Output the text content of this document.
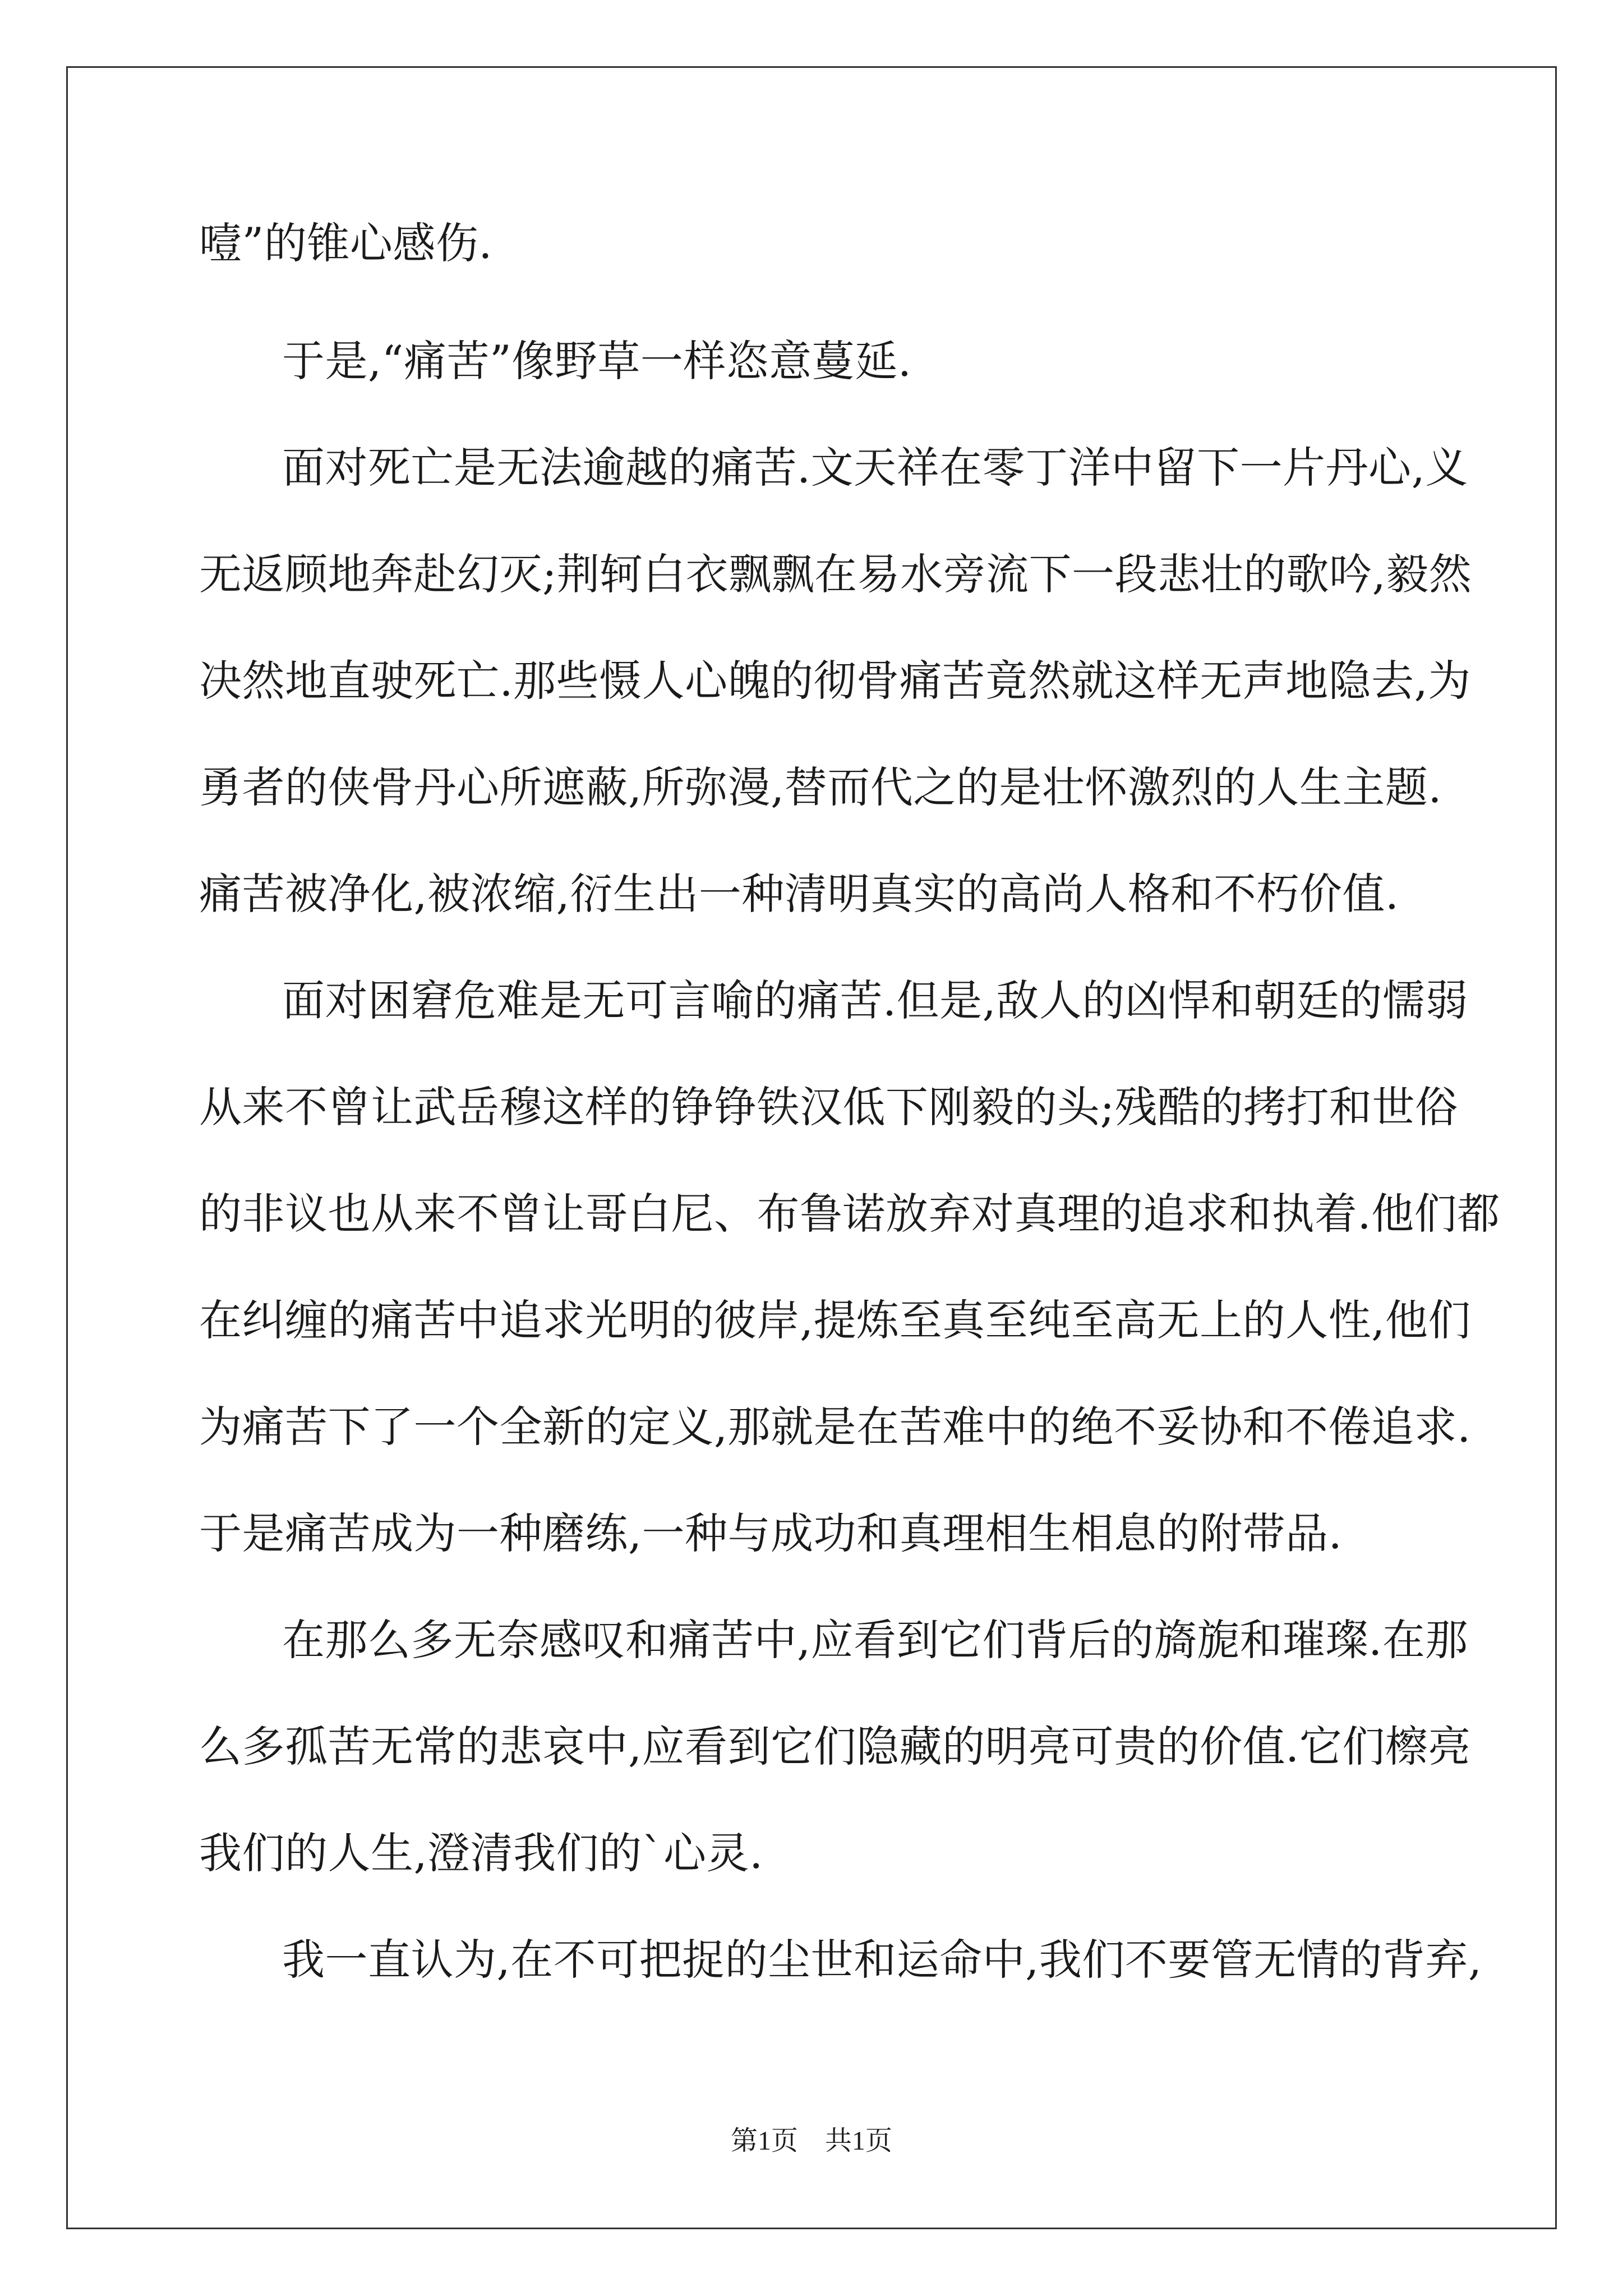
噎”的锥心感伤.
于是,“痛苦”像野草一样恣意蔓延.
面对死亡是无法逾越的痛苦.文天祥在零丁洋中留下一片丹心,义
无返顾地奔赴幻灭;荆轲白衣飘飘在易水旁流下一段悲壮的歌吟,毅然
决然地直驶死亡.那些慑人心魄的彻骨痛苦竟然就这样无声地隐去,为
勇者的侠骨丹心所遮蔽,所弥漫,替而代之的是壮怀激烈的人生主题.
痛苦被净化,被浓缩,衍生出一种清明真实的高尚人格和不朽价值.
面对困窘危难是无可言喻的痛苦.但是,敌人的凶悍和朝廷的懦弱
从来不曾让武岳穆这样的铮铮铁汉低下刚毅的头;残酷的拷打和世俗
的非议也从来不曾让哥白尼、布鲁诺放弃对真理的追求和执着.他们都
在纠缠的痛苦中追求光明的彼岸,提炼至真至纯至高无上的人性,他们
为痛苦下了一个全新的定义,那就是在苦难中的绝不妥协和不倦追求.
于是痛苦成为一种磨练,一种与成功和真理相生相息的附带品.
在那么多无奈感叹和痛苦中,应看到它们背后的旖旎和璀璨.在那
么多孤苦无常的悲哀中,应看到它们隐藏的明亮可贵的价值.它们檫亮
我们的人生,澄清我们的`心灵.
我一直认为,在不可把捉的尘世和运命中,我们不要管无情的背弃,
第1页 共1页
